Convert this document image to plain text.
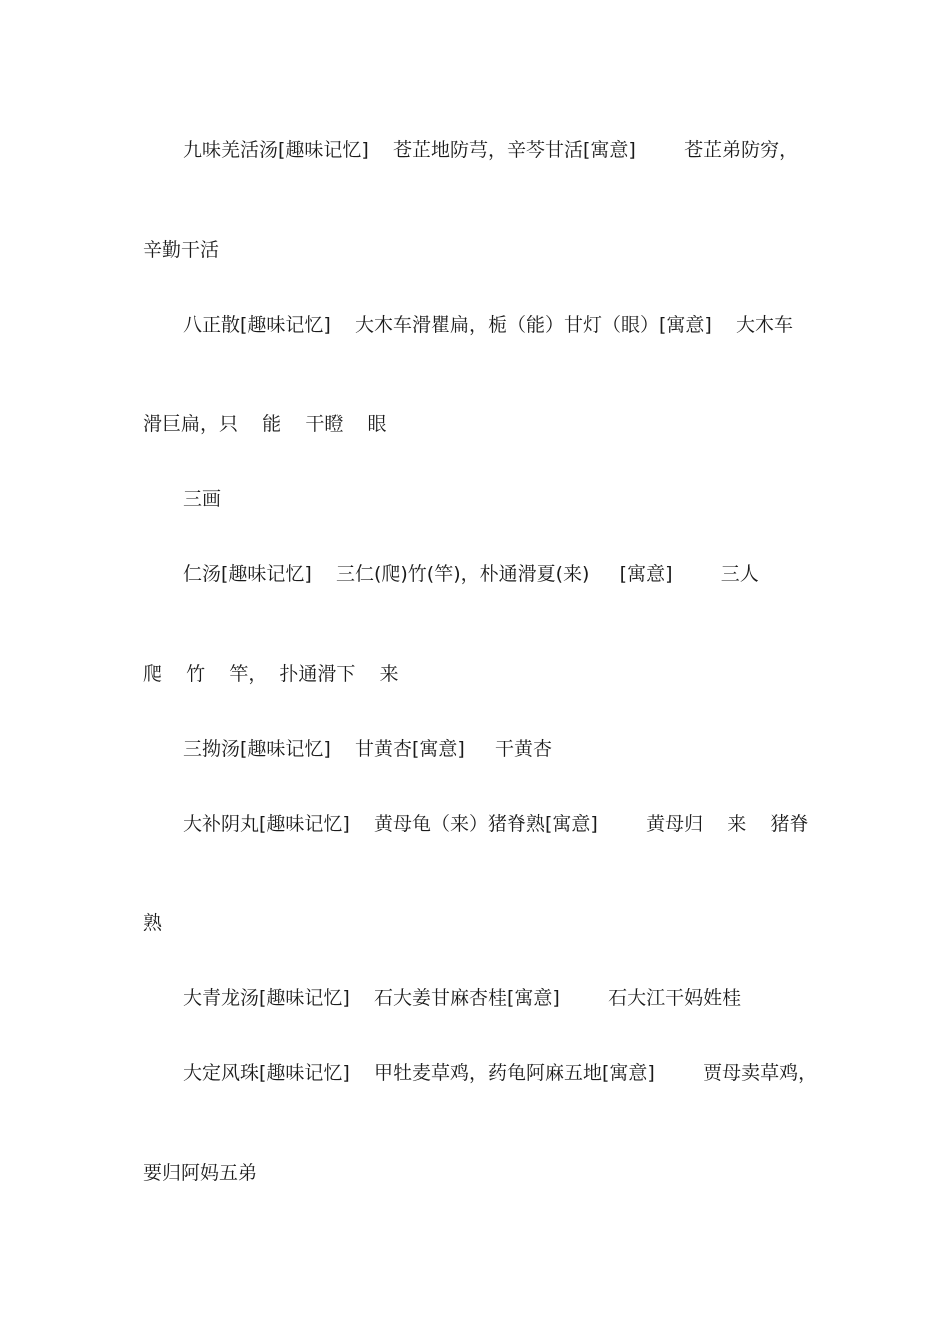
九味羌活汤[趣味记忆]    苍芷地防芎，辛芩甘活[寓意]        苍芷弟防穷，
辛勤干活
八正散[趣味记忆]    大木车滑瞿扁，栀（能）甘灯（眼）[寓意]    大木车
滑巨扁，只    能    干瞪    眼
三画
仁汤[趣味记忆]    三仁(爬)竹(竿)，朴通滑夏(来)     [寓意]        三人
爬    竹    竿，  扑通滑下    来
三拗汤[趣味记忆]    甘黄杏[寓意]     干黄杏
大补阴丸[趣味记忆]    黄母龟（来）猪脊熟[寓意]        黄母归    来    猪脊
熟
大青龙汤[趣味记忆]    石大姜甘麻杏桂[寓意]        石大江干妈姓桂
大定风珠[趣味记忆]    甲牡麦草鸡，药龟阿麻五地[寓意]        贾母卖草鸡，
要归阿妈五弟
